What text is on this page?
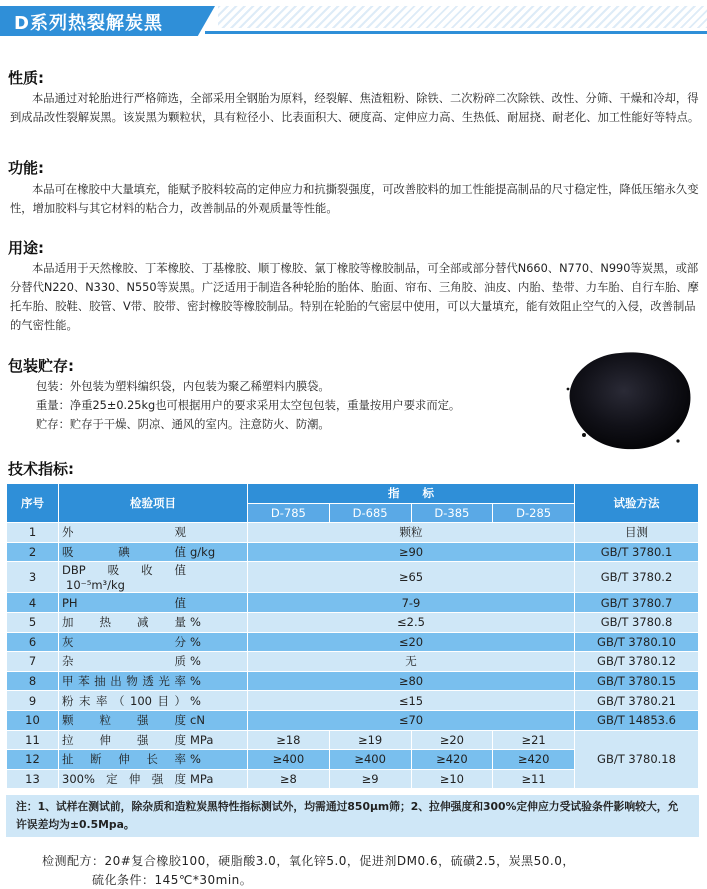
D系列热裂解炭黑
性质:
本品通过对轮胎进行严格筛选，全部采用全钢胎为原料，经裂解、焦渣粗粉、除铁、二次粉碎二次除铁、改性、分筛、干燥和冷却，得到成品改性裂解炭黑。该炭黑为颗粒状，具有粒径小、比表面积大、硬度高、定伸应力高、生热低、耐屈挠、耐老化、加工性能好等特点。
功能:
本品可在橡胶中大量填充，能赋予胶料较高的定伸应力和抗撕裂强度，可改善胶料的加工性能提高制品的尺寸稳定性，降低压缩永久变性，增加胶料与其它材料的粘合力，改善制品的外观质量等性能。
用途:
本品适用于天然橡胶、丁苯橡胶、丁基橡胶、顺丁橡胶、氯丁橡胶等橡胶制品，可全部或部分替代N660、N770、N990等炭黑，或部分替代N220、N330、N550等炭黑。广泛适用于制造各种轮胎的胎体、胎面、帘布、三角胶、油皮、内胎、垫带、力车胎、自行车胎、摩托车胎、胶鞋、胶管、V带、胶带、密封橡胶等橡胶制品。特别在轮胎的气密层中使用，可以大量填充，能有效阻止空气的入侵，改善制品的气密性能。
包装贮存:
包装：外包装为塑料编织袋，内包装为聚乙稀塑料内膜袋。
重量：净重25±0.25kg也可根据用户的要求采用太空包包装，重量按用户要求而定。
贮存：贮存于干燥、阴凉、通风的室内。注意防火、防潮。
技术指标:
序号	检验项目	指　　标				试验方法
		D-785	D-685	D-385	D-285	
1	外观	颗粒				目测
2	吸碘值 g/kg	≥90				GB/T 3780.1
3	DBP吸收值10⁻⁵m³/kg	≥65				GB/T 3780.2
4	PH值	7-9				GB/T 3780.7
5	加热减量 %	≤2.5				GB/T 3780.8
6	灰分 %	≤20				GB/T 3780.10
7	杂质 %	无				GB/T 3780.12
8	甲苯抽出物透光率 %	≥80				GB/T 3780.15
9	粉末率（100目） %	≤15				GB/T 3780.21
10	颗粒强度 cN	≤70				GB/T 14853.6
11	拉伸强度 MPa	≥18	≥19	≥20	≥21	GB/T 3780.18
12	扯断伸长率 %	≥400	≥400	≥420	≥420	
13	300%定伸强度 MPa	≥8	≥9	≥10	≥11	
注：1、试样在测试前，除杂质和造粒炭黑特性指标测试外，均需通过850μm筛；2、拉伸强度和300%定伸应力受试验条件影响较大，允许误差均为±0.5Mpa。
检测配方：20#复合橡胶100，硬脂酸3.0，氧化锌5.0，促进剂DM0.6，硫磺2.5，炭黑50.0，
硫化条件：145℃*30min。
